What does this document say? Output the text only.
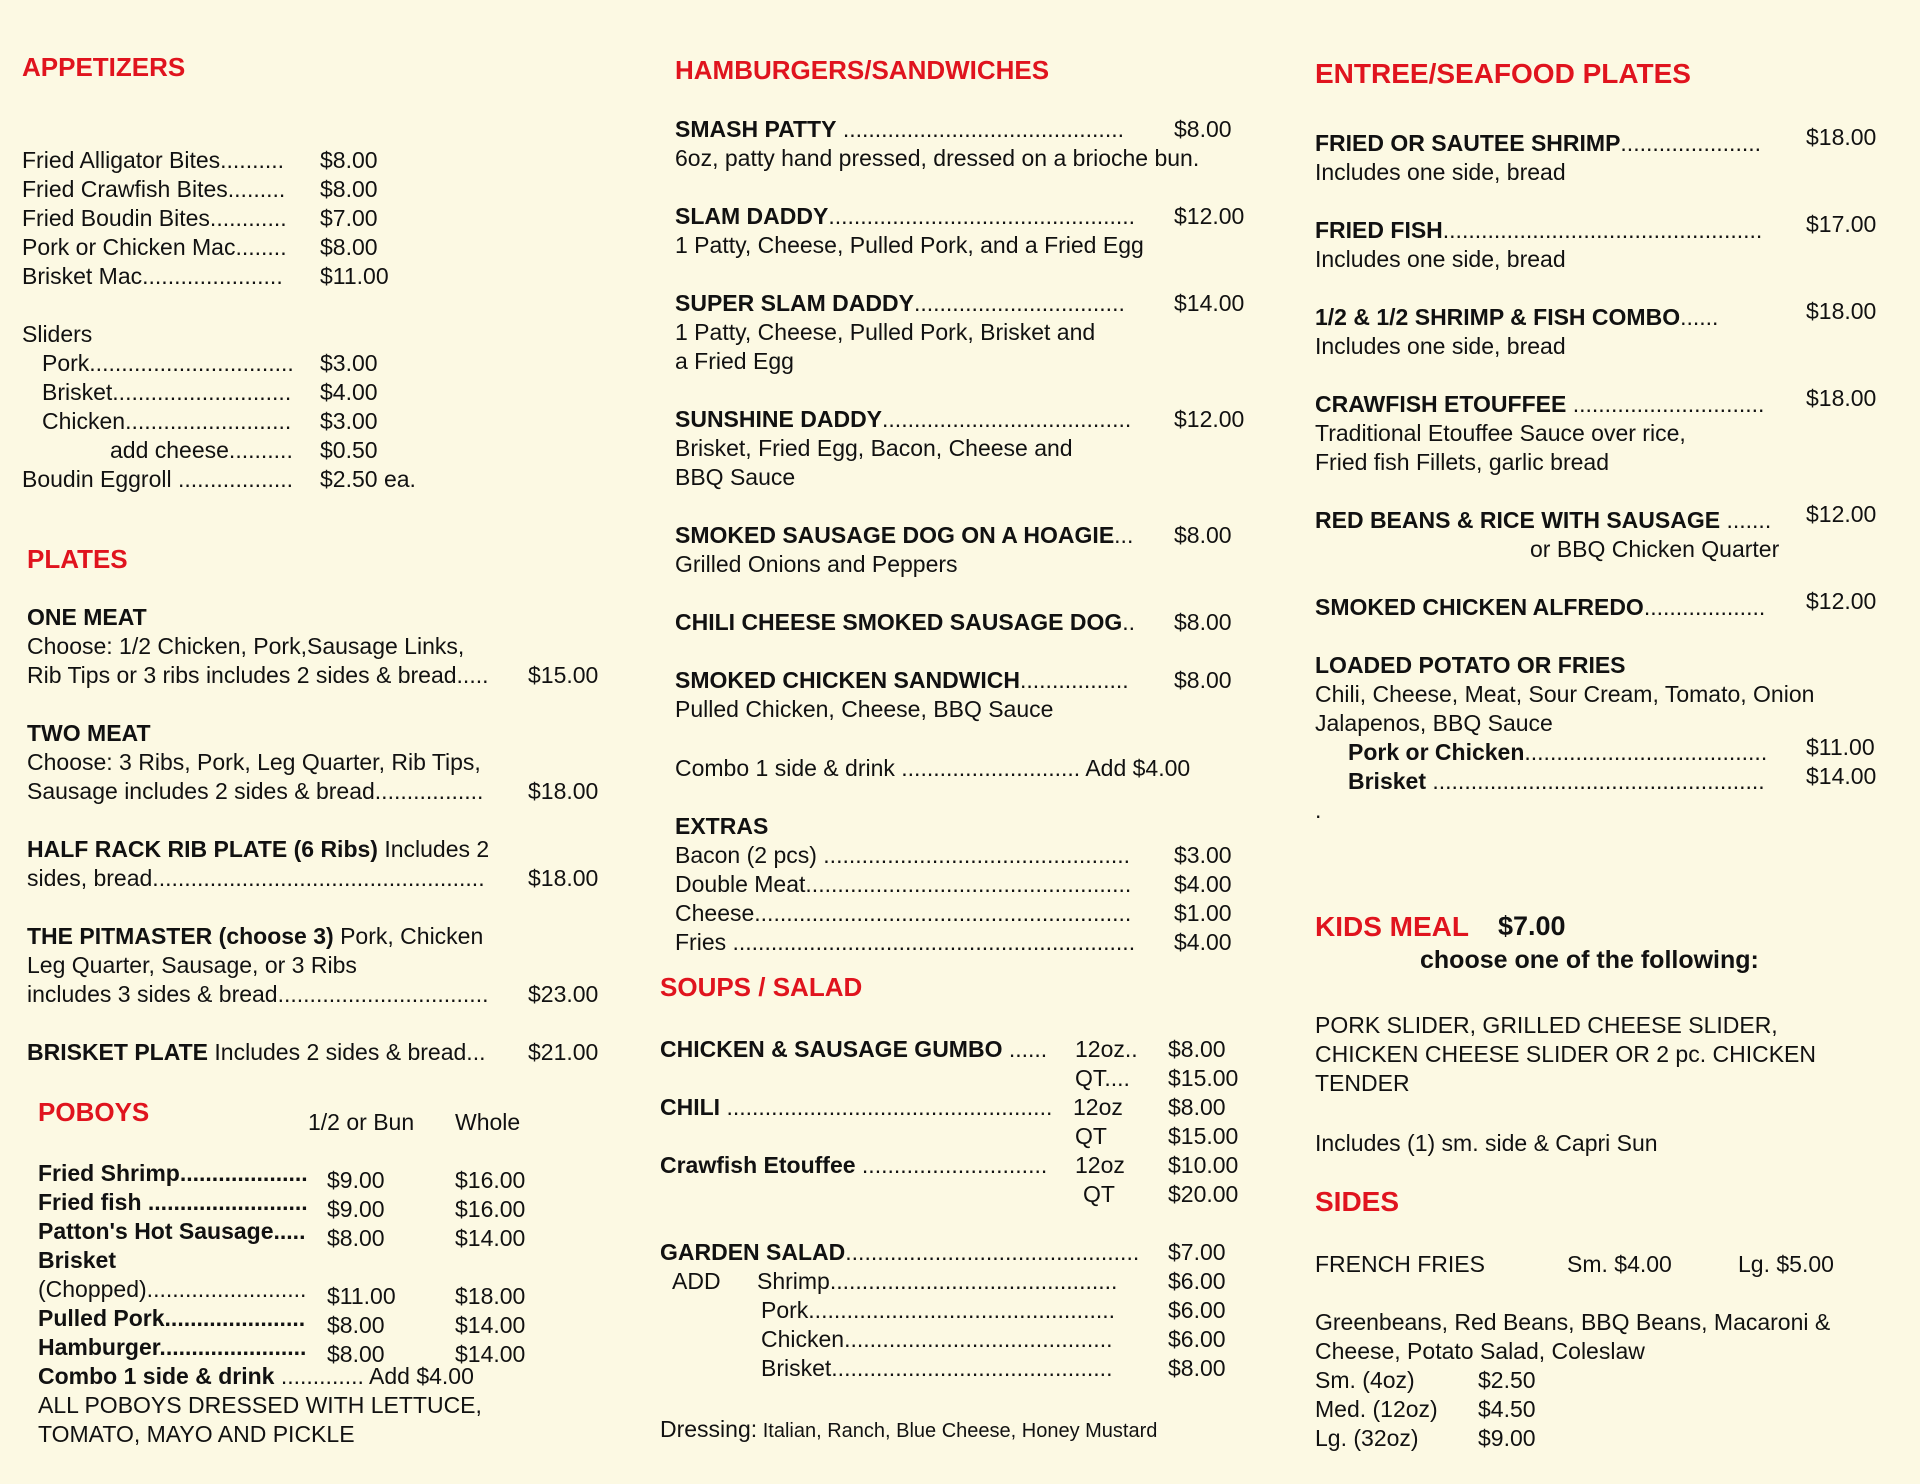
APPETIZERS
Fried Alligator Bites.......... $8.00
Fried Crawfish Bites......... $8.00
Fried Boudin Bites............ $7.00
Pork or Chicken Mac........ $8.00
Brisket Mac...................... $11.00
Sliders
Pork................................ $3.00
Brisket............................ $4.00
Chicken.......................... $3.00
add cheese.......... $0.50
Boudin Eggroll .................. $2.50 ea.
PLATES
ONE MEAT
Choose: 1/2 Chicken, Pork,Sausage Links,
Rib Tips or 3 ribs includes 2 sides & bread..... $15.00
TWO MEAT
Choose: 3 Ribs, Pork, Leg Quarter, Rib Tips,
Sausage includes 2 sides & bread................. $18.00
HALF RACK RIB PLATE (6 Ribs) Includes 2
sides, bread.................................................... $18.00
THE PITMASTER (choose 3) Pork, Chicken
Leg Quarter, Sausage, or 3 Ribs
includes 3 sides & bread................................. $23.00
BRISKET PLATE Includes 2 sides & bread... $21.00
POBOYS	1/2 or Bun Whole
Fried Shrimp.................... $9.00	$16.00
Fried fish ......................... $9.00	$16.00
Patton's Hot Sausage..... $8.00	$14.00
Brisket
(Chopped)......................... $11.00	$18.00
Pulled Pork...................... $8.00	$14.00
Hamburger....................... $8.00	$14.00
Combo 1 side & drink ............. Add $4.00
ALL POBOYS DRESSED WITH LETTUCE,
TOMATO, MAYO AND PICKLE
HAMBURGERS/SANDWICHES
SMASH PATTY ............................................ $8.00
6oz, patty hand pressed, dressed on a brioche bun.
SLAM DADDY................................................ $12.00
1 Patty, Cheese, Pulled Pork, and a Fried Egg
SUPER SLAM DADDY................................. $14.00
1 Patty, Cheese, Pulled Pork, Brisket and
a Fried Egg
SUNSHINE DADDY....................................... $12.00
Brisket, Fried Egg, Bacon, Cheese and
BBQ Sauce
SMOKED SAUSAGE DOG ON A HOAGIE... $8.00
Grilled Onions and Peppers
CHILI CHEESE SMOKED SAUSAGE DOG.. $8.00
SMOKED CHICKEN SANDWICH................. $8.00
Pulled Chicken, Cheese, BBQ Sauce
Combo 1 side & drink ............................ Add $4.00
EXTRAS
Bacon (2 pcs) ................................................ $3.00
Double Meat................................................... $4.00
Cheese........................................................... $1.00
Fries ............................................................... $4.00
SOUPS / SALAD
CHICKEN & SAUSAGE GUMBO ...... 12oz.. $8.00
QT.... $15.00
CHILI ................................................... 12oz $8.00
QT	$15.00
Crawfish Etouffee ............................. 12oz $10.00
QT $20.00
GARDEN SALAD.............................................. $7.00
ADD Shrimp............................................. $6.00
Pork................................................ $6.00
Chicken.......................................... $6.00
Brisket............................................ $8.00
Dressing: Italian, Ranch, Blue Cheese, Honey Mustard
ENTREE/SEAFOOD PLATES
FRIED OR SAUTEE SHRIMP...................... $18.00
Includes one side, bread
FRIED FISH.................................................. $17.00
Includes one side, bread
1/2 & 1/2 SHRIMP & FISH COMBO......	$18.00
Includes one side, bread
CRAWFISH ETOUFFEE .............................. $18.00
Traditional Etouffee Sauce over rice,
Fried fish Fillets, garlic bread
RED BEANS & RICE WITH SAUSAGE ....... $12.00
or BBQ Chicken Quarter
SMOKED CHICKEN ALFREDO................... $12.00
LOADED POTATO OR FRIES
Chili, Cheese, Meat, Sour Cream, Tomato, Onion
Jalapenos, BBQ Sauce
Pork or Chicken...................................... $11.00
Brisket .................................................... $14.00
.
KIDS MEAL $7.00
choose one of the following:
PORK SLIDER, GRILLED CHEESE SLIDER,
CHICKEN CHEESE SLIDER OR 2 pc. CHICKEN
TENDER
Includes (1) sm. side & Capri Sun
SIDES
FRENCH FRIES	Sm. $4.00	Lg. $5.00
Greenbeans, Red Beans, BBQ Beans, Macaroni &
Cheese, Potato Salad, Coleslaw
Sm. (4oz)	$2.50
Med. (12oz) $4.50
Lg. (32oz)	$9.00
